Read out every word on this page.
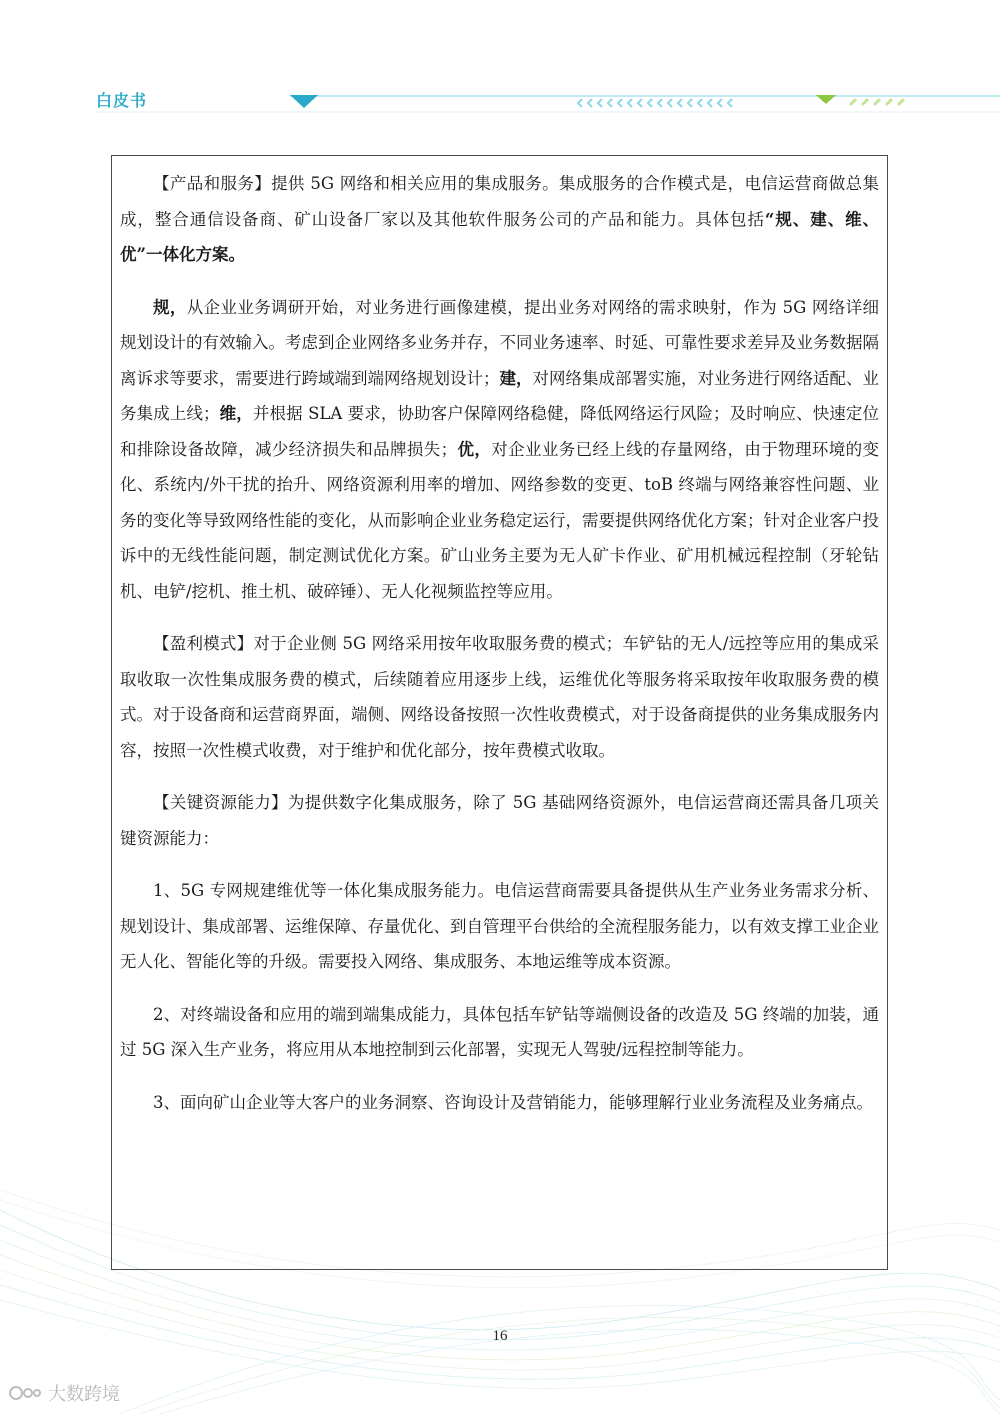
白皮书

【产品和服务】提供 5G 网络和相关应用的集成服务。集成服务的合作模式是，电信运营商做总集成，整合通信设备商、矿山设备厂家以及其他软件服务公司的产品和能力。具体包括“规、建、维、优”一体化方案。

规，从企业业务调研开始，对业务进行画像建模，提出业务对网络的需求映射，作为 5G 网络详细规划设计的有效输入。考虑到企业网络多业务并存，不同业务速率、时延、可靠性要求差异及业务数据隔离诉求等要求，需要进行跨域端到端网络规划设计；建，对网络集成部署实施，对业务进行网络适配、业务集成上线；维，并根据 SLA 要求，协助客户保障网络稳健，降低网络运行风险；及时响应、快速定位和排除设备故障，减少经济损失和品牌损失；优，对企业业务已经上线的存量网络，由于物理环境的变化、系统内/外干扰的抬升、网络资源利用率的增加、网络参数的变更、toB 终端与网络兼容性问题、业务的变化等导致网络性能的变化，从而影响企业业务稳定运行，需要提供网络优化方案；针对企业客户投诉中的无线性能问题，制定测试优化方案。矿山业务主要为无人矿卡作业、矿用机械远程控制（牙轮钻机、电铲/挖机、推土机、破碎锤）、无人化视频监控等应用。

【盈利模式】对于企业侧 5G 网络采用按年收取服务费的模式；车铲钻的无人/远控等应用的集成采取收取一次性集成服务费的模式，后续随着应用逐步上线，运维优化等服务将采取按年收取服务费的模式。对于设备商和运营商界面，端侧、网络设备按照一次性收费模式，对于设备商提供的业务集成服务内容，按照一次性模式收费，对于维护和优化部分，按年费模式收取。

【关键资源能力】为提供数字化集成服务，除了 5G 基础网络资源外，电信运营商还需具备几项关键资源能力：

1、5G 专网规建维优等一体化集成服务能力。电信运营商需要具备提供从生产业务业务需求分析、规划设计、集成部署、运维保障、存量优化、到自管理平台供给的全流程服务能力，以有效支撑工业企业无人化、智能化等的升级。需要投入网络、集成服务、本地运维等成本资源。

2、对终端设备和应用的端到端集成能力，具体包括车铲钻等端侧设备的改造及 5G 终端的加装，通过 5G 深入生产业务，将应用从本地控制到云化部署，实现无人驾驶/远程控制等能力。

3、面向矿山企业等大客户的业务洞察、咨询设计及营销能力，能够理解行业业务流程及业务痛点。

16
大数跨境
